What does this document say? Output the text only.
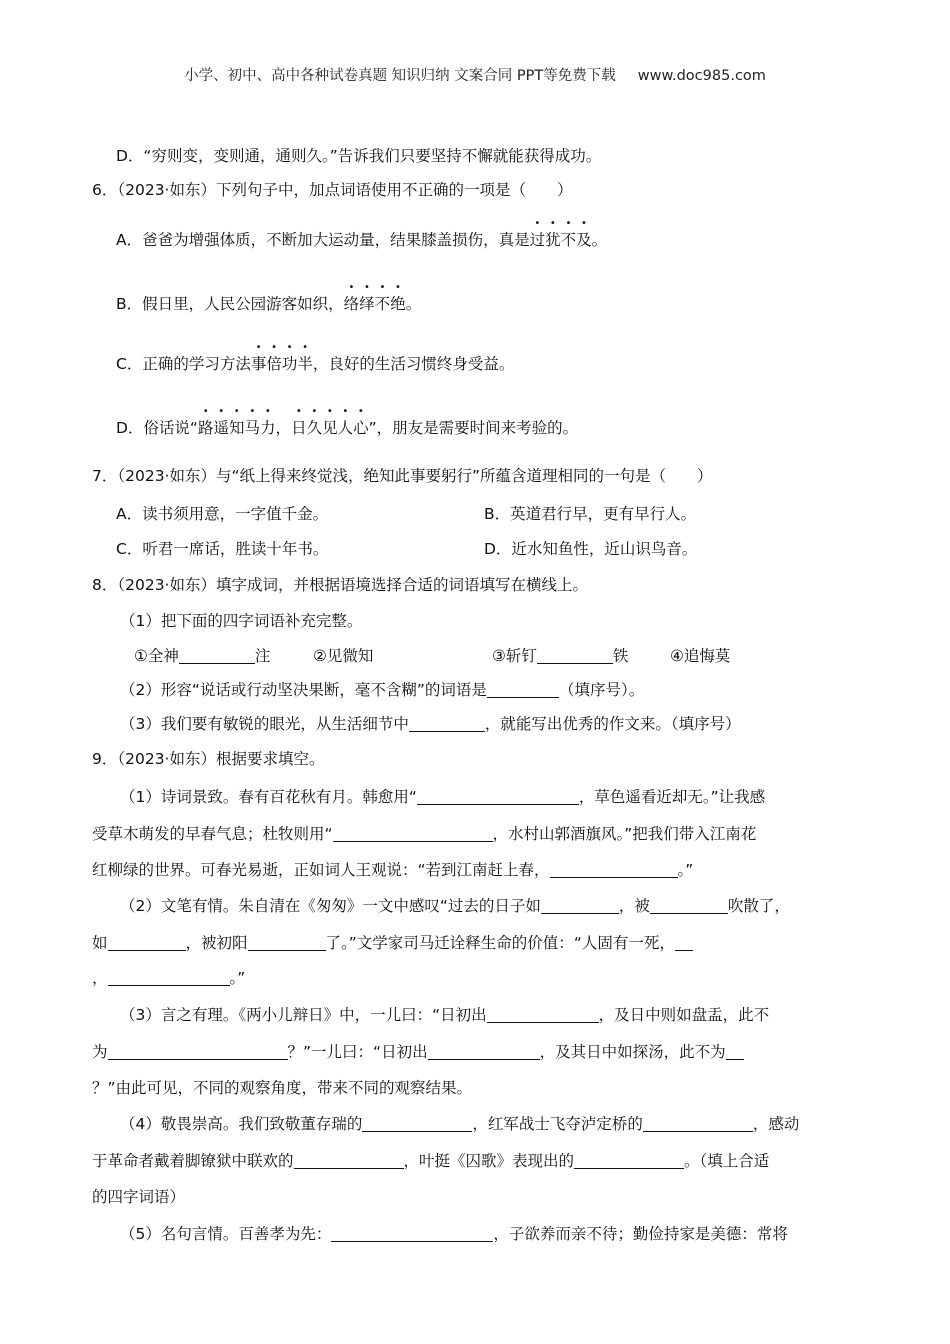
小学、初中、高中各种试卷真题 知识归纳 文案合同 PPT等免费下载 www.doc985.com
D．“穷则变，变则通，通则久。”告诉我们只要坚持不懈就能获得成功。
6．（2023·如东）下列句子中，加点词语使用不正确的一项是（　　）
A．爸爸为增强体质，不断加大运动量，结果膝盖损伤，真是过犹不及。
B．假日里，人民公园游客如织，络绎不绝。
C．正确的学习方法事倍功半，良好的生活习惯终身受益。
D．俗话说“路遥知马力，日久见人心”，朋友是需要时间来考验的。
7．（2023·如东）与“纸上得来终觉浅，绝知此事要躬行”所蕴含道理相同的一句是（　　）
A．读书须用意，一字值千金。	B．英道君行早，更有早行人。
C．听君一席话，胜读十年书。	D．近水知鱼性，近山识鸟音。
8．（2023·如东）填字成词，并根据语境选择合适的词语填写在横线上。
（1）把下面的四字词语补充完整。
①全神	注	②见微知	③斩钉	铁	④追悔莫
（2）形容“说话或行动坚决果断，毫不含糊”的词语是	（填序号）。
（3）我们要有敏锐的眼光，从生活细节中	，就能写出优秀的作文来。（填序号）
9．（2023·如东）根据要求填空。
（1）诗词景致。春有百花秋有月。韩愈用“	，草色遥看近却无。”让我感
受草木萌发的早春气息；杜牧则用“	，水村山郭酒旗风。”把我们带入江南花
红柳绿的世界。可春光易逝，正如词人王观说：“若到江南赶上春，	。”
（2）文笔有情。朱自清在《匆匆》一文中感叹“过去的日子如	，被	吹散了，
如	，被初阳	了。”文学家司马迁诠释生命的价值：“人固有一死，
，	。”
（3）言之有理。《两小儿辩日》中，一儿曰：“日初出	，及日中则如盘盂，此不
为	？”一儿曰：“日初出	，及其日中如探汤，此不为
？”由此可见，不同的观察角度，带来不同的观察结果。
（4）敬畏崇高。我们致敬董存瑞的	，红军战士飞夺泸定桥的	，感动
于革命者戴着脚镣狱中联欢的	，叶挺《囚歌》表现出的	。（填上合适
的四字词语）
（5）名句言情。百善孝为先：	，子欲养而亲不待；勤俭持家是美德：常将
